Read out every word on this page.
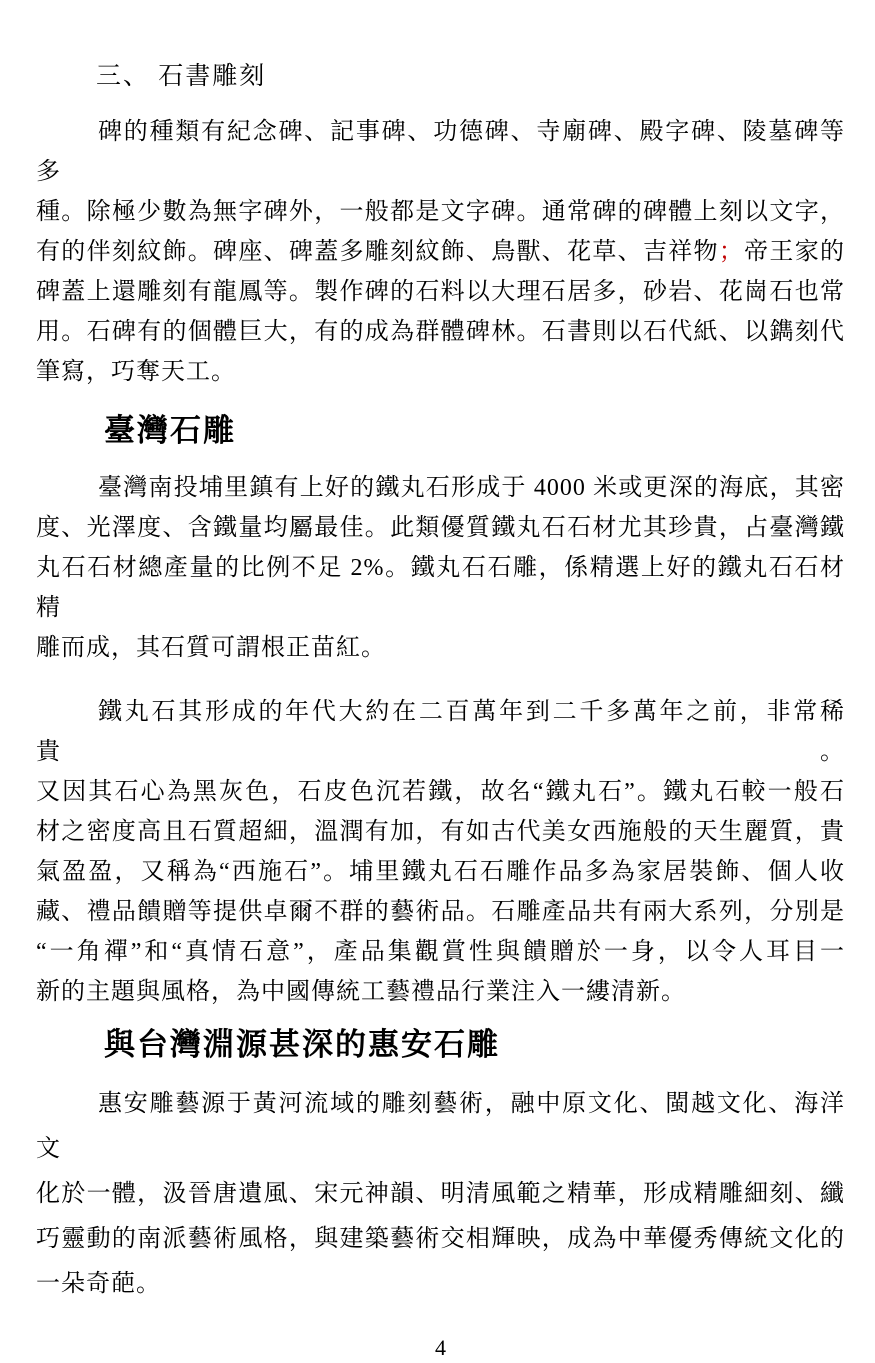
三、 石書雕刻
碑的種類有紀念碑、記事碑、功德碑、寺廟碑、殿字碑、陵墓碑等多
種。除極少數為無字碑外，一般都是文字碑。通常碑的碑體上刻以文字，
有的伴刻紋飾。碑座、碑蓋多雕刻紋飾、鳥獸、花草、吉祥物；帝王家的
碑蓋上還雕刻有龍鳳等。製作碑的石料以大理石居多，砂岩、花崗石也常
用。石碑有的個體巨大，有的成為群體碑林。石書則以石代紙、以鐫刻代
筆寫，巧奪天工。
臺灣石雕
臺灣南投埔里鎮有上好的鐵丸石形成于 4000 米或更深的海底，其密
度、光澤度、含鐵量均屬最佳。此類優質鐵丸石石材尤其珍貴，占臺灣鐵
丸石石材總產量的比例不足 2%。鐵丸石石雕，係精選上好的鐵丸石石材精
雕而成，其石質可謂根正苗紅。
鐵丸石其形成的年代大約在二百萬年到二千多萬年之前，非常稀貴。
又因其石心為黑灰色，石皮色沉若鐵，故名“鐵丸石”。鐵丸石較一般石
材之密度高且石質超細，溫潤有加，有如古代美女西施般的天生麗質，貴
氣盈盈，又稱為“西施石”。埔里鐵丸石石雕作品多為家居裝飾、個人收
藏、禮品饋贈等提供卓爾不群的藝術品。石雕產品共有兩大系列，分別是
“一角禪”和“真情石意”，產品集觀賞性與饋贈於一身，以令人耳目一
新的主題與風格，為中國傳統工藝禮品行業注入一縷清新。
與台灣淵源甚深的惠安石雕
惠安雕藝源于黃河流域的雕刻藝術，融中原文化、閩越文化、海洋文
化於一體，汲晉唐遺風、宋元神韻、明清風範之精華，形成精雕細刻、纖
巧靈動的南派藝術風格，與建築藝術交相輝映，成為中華優秀傳統文化的
一朵奇葩。
4
